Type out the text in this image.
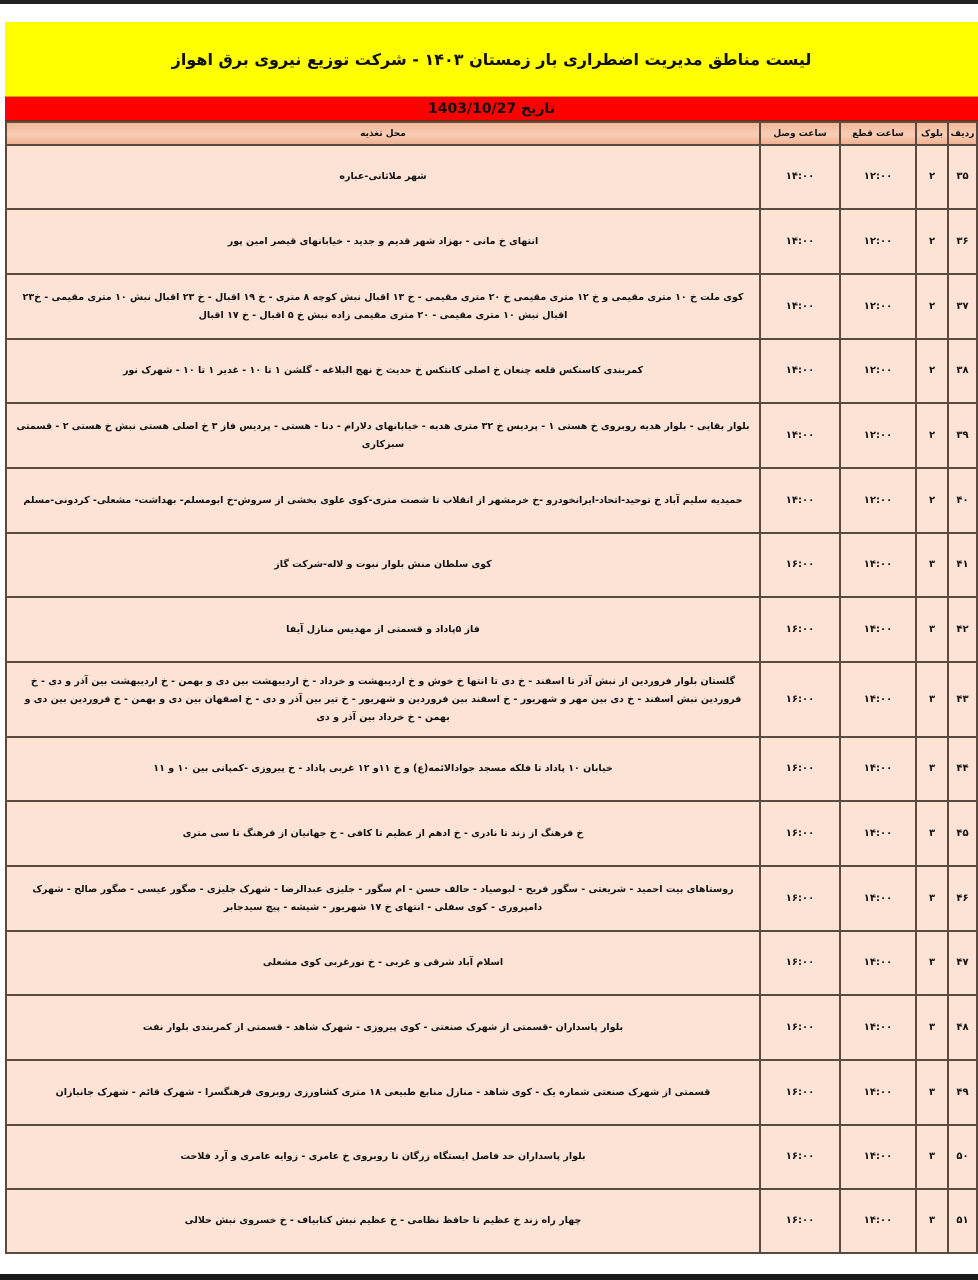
لیست مناطق مدیریت اضطراری بار زمستان ۱۴۰۳ - شرکت توزیع نیروی برق اهواز
تاریخ 1403/10/27
ردیف	بلوک	ساعت قطع	ساعت وصل	محل تغذیه
۳۵	۲	۱۲:۰۰	۱۴:۰۰	شهر ملاثانی-عباره
۳۶	۲	۱۲:۰۰	۱۴:۰۰	انتهای خ مانی - بهزاد شهر قدیم و جدید - خیابانهای قیصر امین پور
۳۷	۲	۱۲:۰۰	۱۴:۰۰	کوی ملت خ ۱۰ متری مقیمی و خ ۱۲ متری مقیمی خ ۲۰ متری مقیمی - خ ۱۳ اقبال نبش کوچه ۸ متری - خ ۱۹ اقبال - خ ۲۳ اقبال نبش ۱۰ متری مقیمی - خ۲۳ اقبال نبش ۱۰ متری مقیمی - ۲۰ متری مقیمی زاده نبش خ ۵ اقبال - خ ۱۷ اقبال
۳۸	۲	۱۲:۰۰	۱۴:۰۰	کمربندی کاسنکس قلعه چنعان خ اصلی کانتکس خ حدیث خ نهج البلاغه - گلشن ۱ تا ۱۰ - غدیر ۱ تا ۱۰ - شهرک نور
۳۹	۲	۱۲:۰۰	۱۴:۰۰	بلوار بقایی - بلوار هدیه روبروی خ هستی ۱ - پردیس خ ۳۲ متری هدیه - خیابانهای دلارام - دنا - هستی - پردیس فاز ۳ خ اصلی هستی نبش خ هستی ۲ - قسمتی سبزکاری
۴۰	۲	۱۲:۰۰	۱۴:۰۰	حمیدیه سلیم آباد خ توحید-اتحاد-ایرانخودرو -خ خرمشهر از انقلاب تا شصت متری-کوی علوی بخشی از سروش-خ ابومسلم- بهداشت- مشعلی- کردونی-مسلم
۴۱	۳	۱۴:۰۰	۱۶:۰۰	کوی سلطان منش بلوار نبوت و لاله-شرکت گاز
۴۲	۳	۱۴:۰۰	۱۶:۰۰	فاز ۵پاداد و قسمتی از مهدیس منازل آیفا
۴۳	۳	۱۴:۰۰	۱۶:۰۰	گلستان بلوار فروردین از نبش آذر تا اسفند - خ دی تا انتها خ خوش و خ اردیبهشت و خرداد - خ اردیبهشت بین دی و بهمن - خ اردیبهشت بین آذر و دی - خ فروردین نبش اسفند - خ دی بین مهر و شهریور - خ اسفند بین فروردین و شهریور - خ تیر بین آذر و دی - خ اصفهان بین دی و بهمن - خ فروردین بین دی و بهمن - خ خرداد بین آذر و دی
۴۴	۳	۱۴:۰۰	۱۶:۰۰	خیابان ۱۰ پاداد تا فلکه مسجد جوادالائمه(ع) و خ ۱۱و ۱۲ غربی پاداد - خ پیروزی -کمپانی بین ۱۰ و ۱۱
۴۵	۳	۱۴:۰۰	۱۶:۰۰	خ فرهنگ از زند تا نادری - خ ادهم از عظیم تا کافی - خ جهانیان از فرهنگ تا سی متری
۴۶	۳	۱۴:۰۰	۱۶:۰۰	روستاهای بیت احمید - شریعتی - سگور فریح - لبوصیاد - حالف حسن - ام سگور - جلیزی عبدالرضا - شهرک جلیزی - صگور عیسی - صگور صالح - شهرک دامپروری - کوی سفلی - انتهای خ ۱۷ شهریور - شیشه - پیچ سیدجابر
۴۷	۳	۱۴:۰۰	۱۶:۰۰	اسلام آباد شرقی و غربی - خ نورغربی کوی مشعلی
۴۸	۳	۱۴:۰۰	۱۶:۰۰	بلوار پاسداران -قسمتی از شهرک صنعتی - کوی پیروزی - شهرک شاهد - قسمتی از کمربندی بلوار نفت
۴۹	۳	۱۴:۰۰	۱۶:۰۰	قسمتی از شهرک صنعتی شماره یک - کوی شاهد - منازل منابع طبیعی ۱۸ متری کشاورزی روبروی فرهنگسرا - شهرک قائم - شهرک جانبازان
۵۰	۳	۱۴:۰۰	۱۶:۰۰	بلوار پاسداران حد فاصل ایستگاه زرگان تا روبروی خ عامری - زوایه عامری و آرد فلاحت
۵۱	۳	۱۴:۰۰	۱۶:۰۰	چهار راه زند خ عظیم تا حافظ نظامی - خ عظیم نبش کتابیاف - خ خسروی نبش حلالی
